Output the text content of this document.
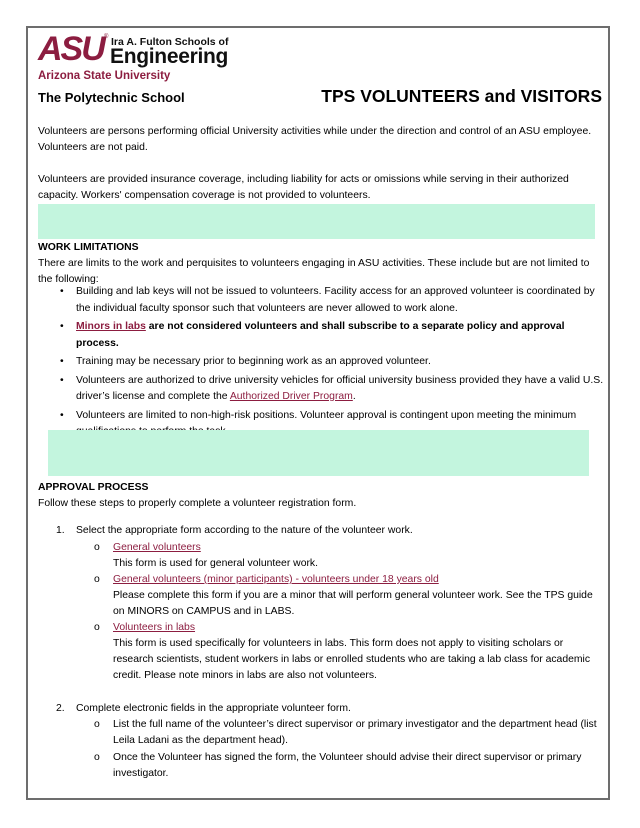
ASU ® Ira A. Fulton Schools of
Engineering
Arizona State University
The Polytechnic School	TPS VOLUNTEERS and VISITORS
Volunteers are persons performing official University activities while under the direction and control of an ASU employee. Volunteers are not paid.
Volunteers are provided insurance coverage, including liability for acts or omissions while serving in their authorized capacity. Workers' compensation coverage is not provided to volunteers.
WORK LIMITATIONS
There are limits to the work and perquisites to volunteers engaging in ASU activities. These include but are not limited to the following:
• Building and lab keys will not be issued to volunteers. Facility access for an approved volunteer is coordinated by the individual faculty sponsor such that volunteers are never allowed to work alone.
• Minors in labs are not considered volunteers and shall subscribe to a separate policy and approval process.
• Training may be necessary prior to beginning work as an approved volunteer.
• Volunteers are authorized to drive university vehicles for official university business provided they have a valid U.S. driver’s license and complete the Authorized Driver Program.
• Volunteers are limited to non-high-risk positions. Volunteer approval is contingent upon meeting the minimum
APPROVAL PROCESS
Follow these steps to properly complete a volunteer registration form.
1. Select the appropriate form according to the nature of the volunteer work.
o General volunteers
This form is used for general volunteer work.
o General volunteers (minor participants) - volunteers under 18 years old
Please complete this form if you are a minor that will perform general volunteer work. See the TPS guide on MINORS on CAMPUS and in LABS.
o Volunteers in labs
This form is used specifically for volunteers in labs. This form does not apply to visiting scholars or research scientists, student workers in labs or enrolled students who are taking a lab class for academic credit. Please note minors in labs are also not volunteers.
2. Complete electronic fields in the appropriate volunteer form.
o List the full name of the volunteer’s direct supervisor or primary investigator and the department head (list Leila Ladani as the department head).
o Once the Volunteer has signed the form, the Volunteer should advise their direct supervisor or primary investigator.
